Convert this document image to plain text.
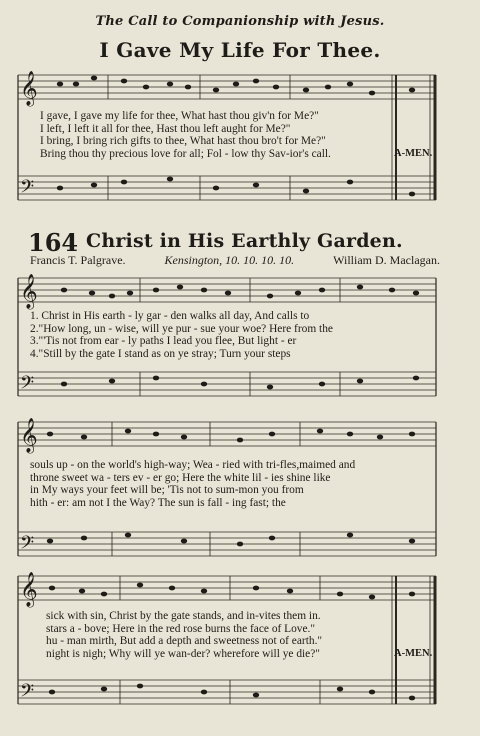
The Call to Companionship with Jesus.
I Gave My Life For Thee.
𝄞
𝄢
𝄞
𝄢
𝄞
𝄢
𝄞
𝄢
I gave, I gave my life for thee, What hast thou giv'n for Me?"
I left, I left it all for thee, Hast thou left aught for Me?"
I bring, I bring rich gifts to thee, What hast thou bro't for Me?"
Bring thou thy precious love for all; Fol - low thy Sav-ior's call.	A-MEN.
164 Christ in His Earthly Garden.
Francis T. Palgrave.	Kensington, 10. 10. 10. 10.	William D. Maclagan.
1. Christ in His earth - ly gar - den walks all day, And calls to
2."How long, un - wise, will ye pur - sue your woe? Here from the
3."'Tis not from ear - ly paths I lead you flee, But light - er
4."Still by the gate I stand as on ye stray; Turn your steps
souls up - on the world's high-way; Wea - ried with tri-fles,maimed and
throne sweet wa - ters ev - er go; Here the white lil - ies shine like
in My ways your feet will be; 'Tis not to sum-mon you from
hith - er: am not I the Way? The sun is fall - ing fast; the
sick with sin, Christ by the gate stands, and in-vites them in.
stars a - bove; Here in the red rose burns the face of Love."
hu - man mirth, But add a depth and sweetness not of earth."
night is nigh; Why will ye wan-der? wherefore will ye die?"	A-MEN.
